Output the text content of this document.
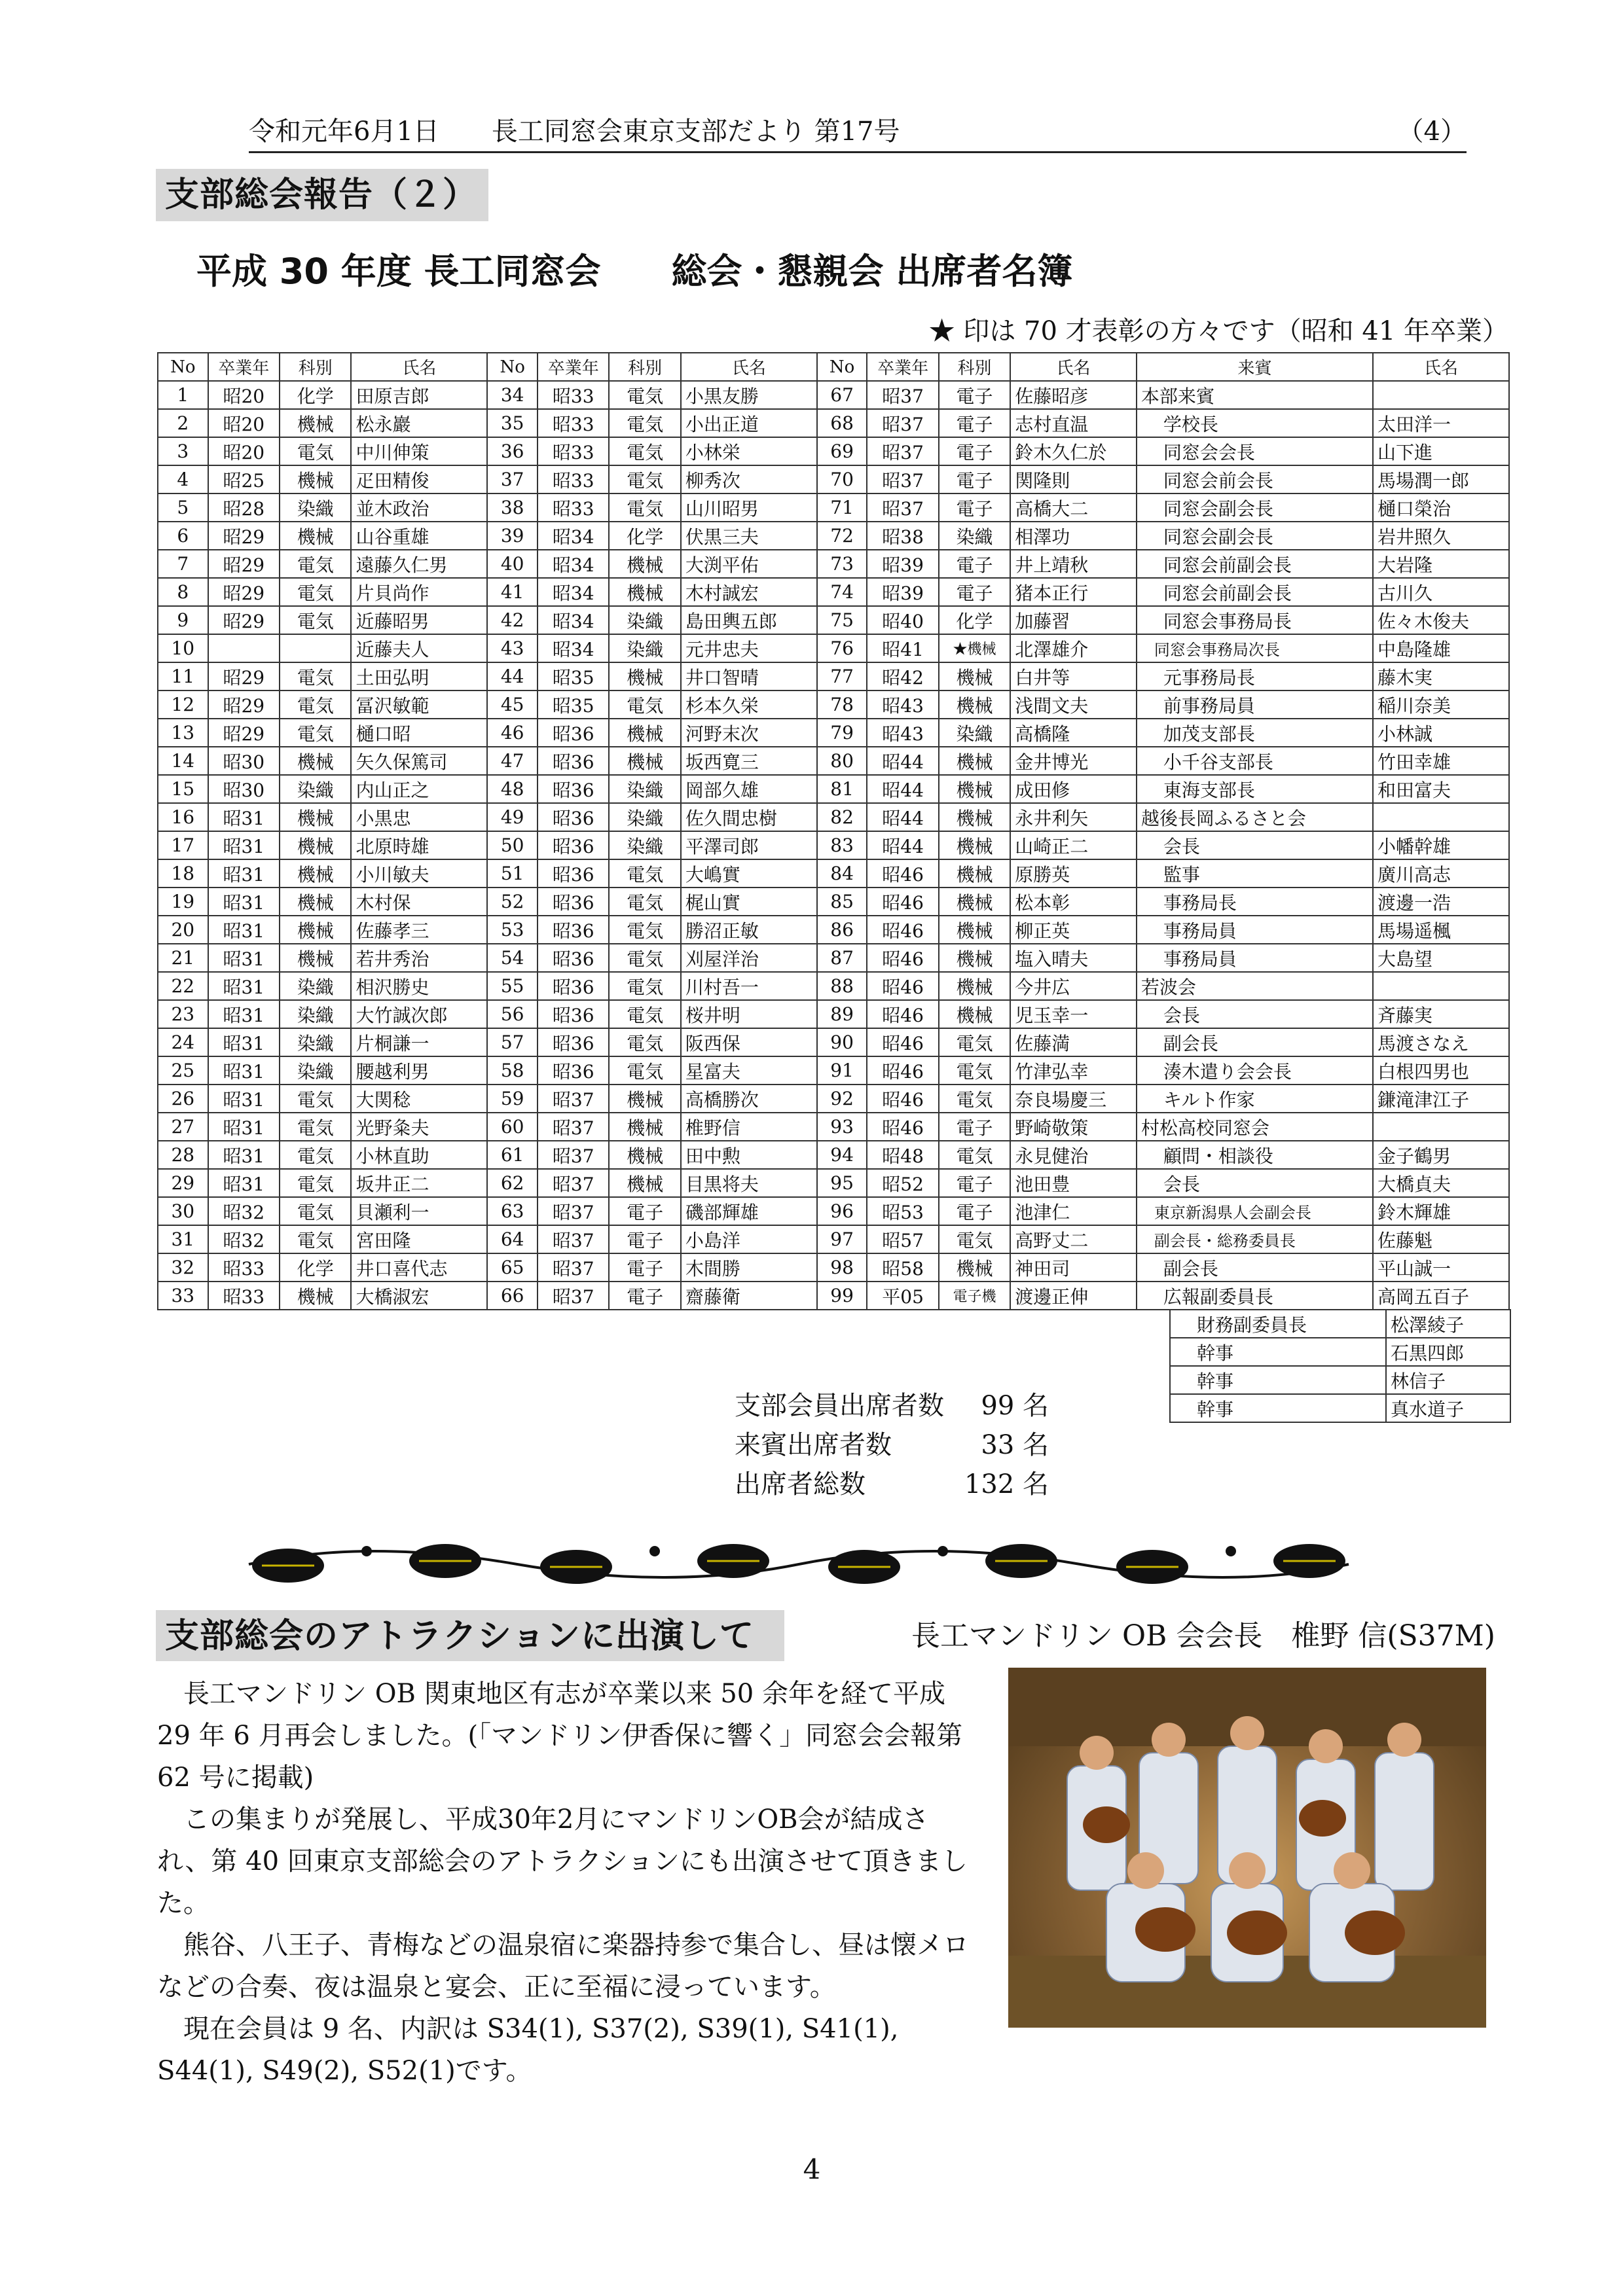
令和元年6月1日　　長工同窓会東京支部だより 第17号	（4）
支部総会報告（２）
平成 30 年度 長工同窓会　　総会・懇親会 出席者名簿
★ 印は 70 才表彰の方々です（昭和 41 年卒業）
No	卒業年	科別	氏名	No	卒業年	科別	氏名	No	卒業年	科別	氏名	来賓	氏名
1	昭20	化学	田原吉郎	34	昭33	電気	小黒友勝	67	昭37	電子	佐藤昭彦	本部来賓	
2	昭20	機械	松永巖	35	昭33	電気	小出正道	68	昭37	電子	志村直温	学校長	太田洋一
3	昭20	電気	中川伸策	36	昭33	電気	小林栄	69	昭37	電子	鈴木久仁於	同窓会会長	山下進
4	昭25	機械	疋田精俊	37	昭33	電気	柳秀次	70	昭37	電子	関隆則	同窓会前会長	馬場潤一郎
5	昭28	染織	並木政治	38	昭33	電気	山川昭男	71	昭37	電子	高橋大二	同窓会副会長	樋口榮治
6	昭29	機械	山谷重雄	39	昭34	化学	伏黒三夫	72	昭38	染織	相澤功	同窓会副会長	岩井照久
7	昭29	電気	遠藤久仁男	40	昭34	機械	大渕平佑	73	昭39	電子	井上靖秋	同窓会前副会長	大岩隆
8	昭29	電気	片貝尚作	41	昭34	機械	木村誠宏	74	昭39	電子	猪本正行	同窓会前副会長	古川久
9	昭29	電気	近藤昭男	42	昭34	染織	島田輿五郎	75	昭40	化学	加藤習	同窓会事務局長	佐々木俊夫
10			近藤夫人	43	昭34	染織	元井忠夫	76	昭41	★機械	北澤雄介	同窓会事務局次長	中島隆雄
11	昭29	電気	土田弘明	44	昭35	機械	井口智晴	77	昭42	機械	白井等	元事務局長	藤木実
12	昭29	電気	冨沢敏範	45	昭35	電気	杉本久栄	78	昭43	機械	浅間文夫	前事務局員	稲川奈美
13	昭29	電気	樋口昭	46	昭36	機械	河野末次	79	昭43	染織	高橋隆	加茂支部長	小林誠
14	昭30	機械	矢久保篤司	47	昭36	機械	坂西寛三	80	昭44	機械	金井博光	小千谷支部長	竹田幸雄
15	昭30	染織	内山正之	48	昭36	染織	岡部久雄	81	昭44	機械	成田修	東海支部長	和田富夫
16	昭31	機械	小黒忠	49	昭36	染織	佐久間忠樹	82	昭44	機械	永井利矢	越後長岡ふるさと会	
17	昭31	機械	北原時雄	50	昭36	染織	平澤司郎	83	昭44	機械	山崎正二	会長	小幡幹雄
18	昭31	機械	小川敏夫	51	昭36	電気	大嶋實	84	昭46	機械	原勝英	監事	廣川高志
19	昭31	機械	木村保	52	昭36	電気	梶山實	85	昭46	機械	松本彰	事務局長	渡邊一浩
20	昭31	機械	佐藤孝三	53	昭36	電気	勝沼正敏	86	昭46	機械	柳正英	事務局員	馬場遥楓
21	昭31	機械	若井秀治	54	昭36	電気	刈屋洋治	87	昭46	機械	塩入晴夫	事務局員	大島望
22	昭31	染織	相沢勝史	55	昭36	電気	川村吾一	88	昭46	機械	今井広	若波会	
23	昭31	染織	大竹誠次郎	56	昭36	電気	桜井明	89	昭46	機械	児玉幸一	会長	斉藤実
24	昭31	染織	片桐謙一	57	昭36	電気	阪西保	90	昭46	電気	佐藤満	副会長	馬渡さなえ
25	昭31	染織	腰越利男	58	昭36	電気	星富夫	91	昭46	電気	竹津弘幸	湊木遣り会会長	白根四男也
26	昭31	電気	大関稔	59	昭37	機械	高橋勝次	92	昭46	電気	奈良場慶三	キルト作家	鎌滝津江子
27	昭31	電気	光野粂夫	60	昭37	機械	椎野信	93	昭46	電子	野崎敬策	村松高校同窓会	
28	昭31	電気	小林直助	61	昭37	機械	田中勲	94	昭48	電気	永見健治	顧問・相談役	金子鶴男
29	昭31	電気	坂井正二	62	昭37	機械	目黒将夫	95	昭52	電子	池田豊	会長	大橋貞夫
30	昭32	電気	貝瀬利一	63	昭37	電子	磯部輝雄	96	昭53	電子	池津仁	東京新潟県人会副会長	鈴木輝雄
31	昭32	電気	宮田隆	64	昭37	電子	小島洋	97	昭57	電気	高野丈二	副会長・総務委員長	佐藤魁
32	昭33	化学	井口喜代志	65	昭37	電子	木間勝	98	昭58	機械	神田司	副会長	平山誠一
33	昭33	機械	大橋淑宏	66	昭37	電子	齋藤衛	99	平05	電子機	渡邊正伸	広報副委員長	高岡五百子
財務副委員長	松澤綾子
幹事	石黒四郎
幹事	林信子
幹事	真水道子
支部会員出席者数	99 名
来賓出席者数	33 名
出席者総数	132 名
支部総会のアトラクションに出演して	長工マンドリン OB 会会長　椎野 信(S37M)

長工マンドリン OB 関東地区有志が卒業以来 50 余年を経て平成 29 年 6 月再会しました。(「マンドリン伊香保に響く」同窓会会報第 62 号に掲載)

この集まりが発展し、平成30年2月にマンドリンOB会が結成され、第 40 回東京支部総会のアトラクションにも出演させて頂きました。

熊谷、八王子、青梅などの温泉宿に楽器持参で集合し、昼は懐メロなどの合奏、夜は温泉と宴会、正に至福に浸っています。

現在会員は 9 名、内訳は S34(1), S37(2), S39(1), S41(1), S44(1), S49(2), S52(1)です。

4
